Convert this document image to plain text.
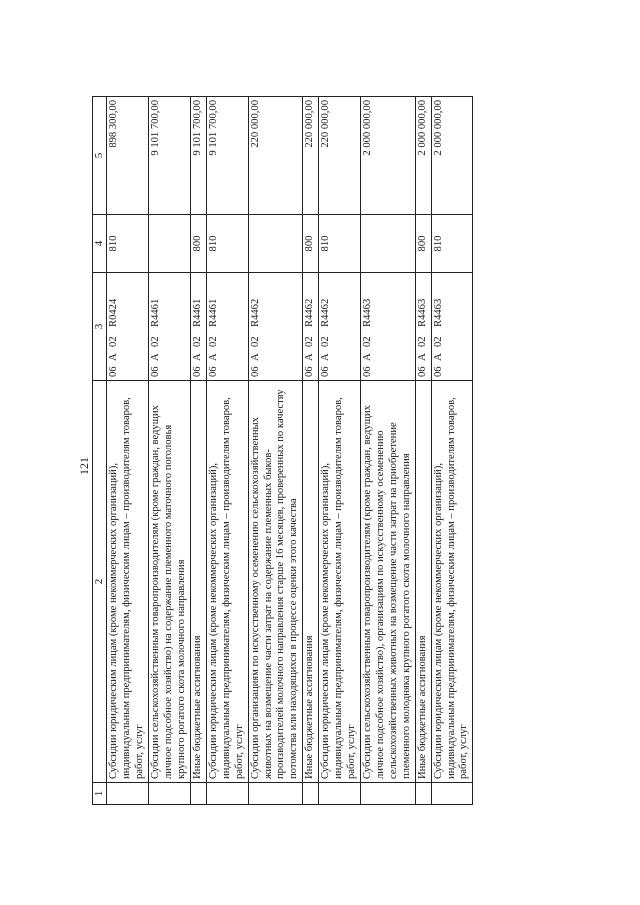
121
1	2	3	4	5
	Субсидии юридическим лицам (кроме некоммерческих организаций), индивидуальным предпринимателям, физическим лицам – производителям товаров, работ, услуг	06А02R0424	810	898 300,00
	Субсидии сельскохозяйственным товаропроизводителям (кроме граждан, ведущих личное подсобное хозяйство) на содержание племенного маточного поголовья крупного рогатого скота молочного направления	06А02R4461		9 101 700,00
	Иные бюджетные ассигнования	06А02R4461	800	9 101 700,00
	Субсидии юридическим лицам (кроме некоммерческих организаций), индивидуальным предпринимателям, физическим лицам – производителям товаров, работ, услуг	06А02R4461	810	9 101 700,00
	Субсидии организациям по искусственному осеменению сельскохозяйственных животных на возмещение части затрат на содержание племенных быков-производителей молочного направления старше 16 месяцев, проверенных по качеству потомства или находящихся в процессе оценки этого качества	06А02R4462		220 000,00
	Иные бюджетные ассигнования	06А02R4462	800	220 000,00
	Субсидии юридическим лицам (кроме некоммерческих организаций), индивидуальным предпринимателям, физическим лицам – производителям товаров, работ, услуг	06А02R4462	810	220 000,00
	Субсидии сельскохозяйственным товаропроизводителям (кроме граждан, ведущих личное подсобное хозяйство), организациям по искусственному осеменению сельскохозяйственных животных на возмещение части затрат на приобретение племенного молодняка крупного рогатого скота молочного направления	06А02R4463		2 000 000,00
	Иные бюджетные ассигнования	06А02R4463	800	2 000 000,00
	Субсидии юридическим лицам (кроме некоммерческих организаций), индивидуальным предпринимателям, физическим лицам – производителям товаров, работ, услуг	06А02R4463	810	2 000 000,00
